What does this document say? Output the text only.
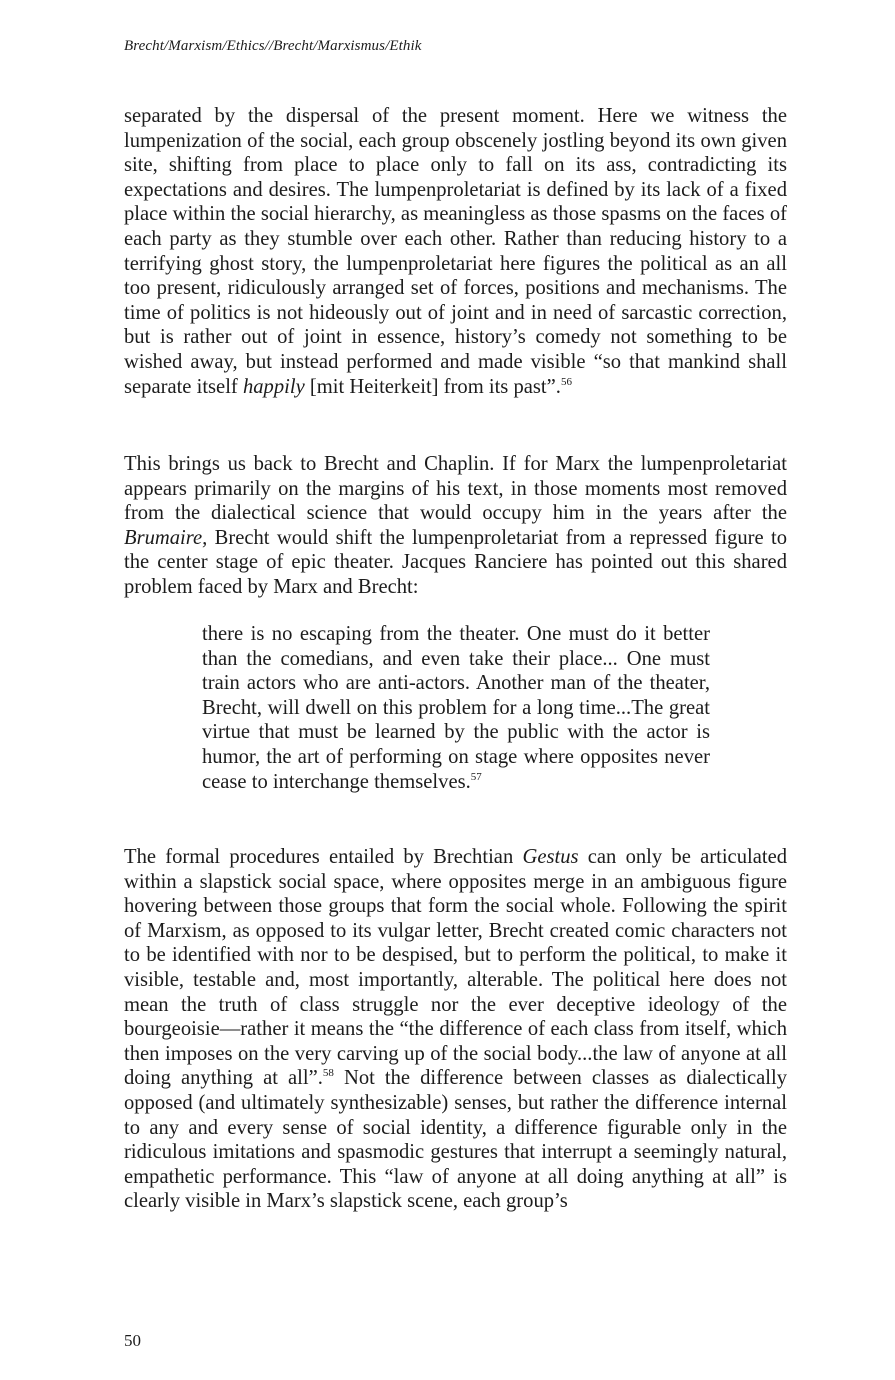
Brecht/Marxism/Ethics//Brecht/Marxismus/Ethik

separated by the dispersal of the present moment. Here we witness the lumpenization of the social, each group obscenely jostling beyond its own given site, shifting from place to place only to fall on its ass, contradicting its expectations and desires. The lumpenproletariat is defined by its lack of a fixed place within the social hierarchy, as meaningless as those spasms on the faces of each party as they stumble over each other. Rather than reducing history to a terrifying ghost story, the lumpenproletariat here figures the political as an all too present, ridiculously arranged set of forces, positions and mechanisms. The time of politics is not hideously out of joint and in need of sarcastic correction, but is rather out of joint in essence, history’s comedy not something to be wished away, but instead performed and made visible “so that mankind shall separate itself happily [mit Heiterkeit] from its past”.$^{56}$

This brings us back to Brecht and Chaplin. If for Marx the lumpenproletariat appears primarily on the margins of his text, in those moments most removed from the dialectical science that would occupy him in the years after the Brumaire, Brecht would shift the lumpenproletariat from a repressed figure to the center stage of epic theater. Jacques Ranciere has pointed out this shared problem faced by Marx and Brecht:

there is no escaping from the theater. One must do it better than the comedians, and even take their place... One must train actors who are anti-actors. Another man of the theater, Brecht, will dwell on this problem for a long time...The great virtue that must be learned by the public with the actor is humor, the art of performing on stage where opposites never cease to interchange themselves.$^{57}$

The formal procedures entailed by Brechtian Gestus can only be articulated within a slapstick social space, where opposites merge in an ambiguous figure hovering between those groups that form the social whole. Following the spirit of Marxism, as opposed to its vulgar letter, Brecht created comic characters not to be identified with nor to be despised, but to perform the political, to make it visible, testable and, most importantly, alterable. The political here does not mean the truth of class struggle nor the ever deceptive ideology of the bourgeoisie—rather it means the “the difference of each class from itself, which then imposes on the very carving up of the social body...the law of anyone at all doing anything at all”.$^{58}$ Not the difference between classes as dialectically opposed (and ultimately synthesizable) senses, but rather the difference internal to any and every sense of social identity, a difference figurable only in the ridiculous imitations and spasmodic gestures that interrupt a seemingly natural, empathetic performance. This “law of anyone at all doing anything at all” is clearly visible in Marx’s slapstick scene, each group’s

50
